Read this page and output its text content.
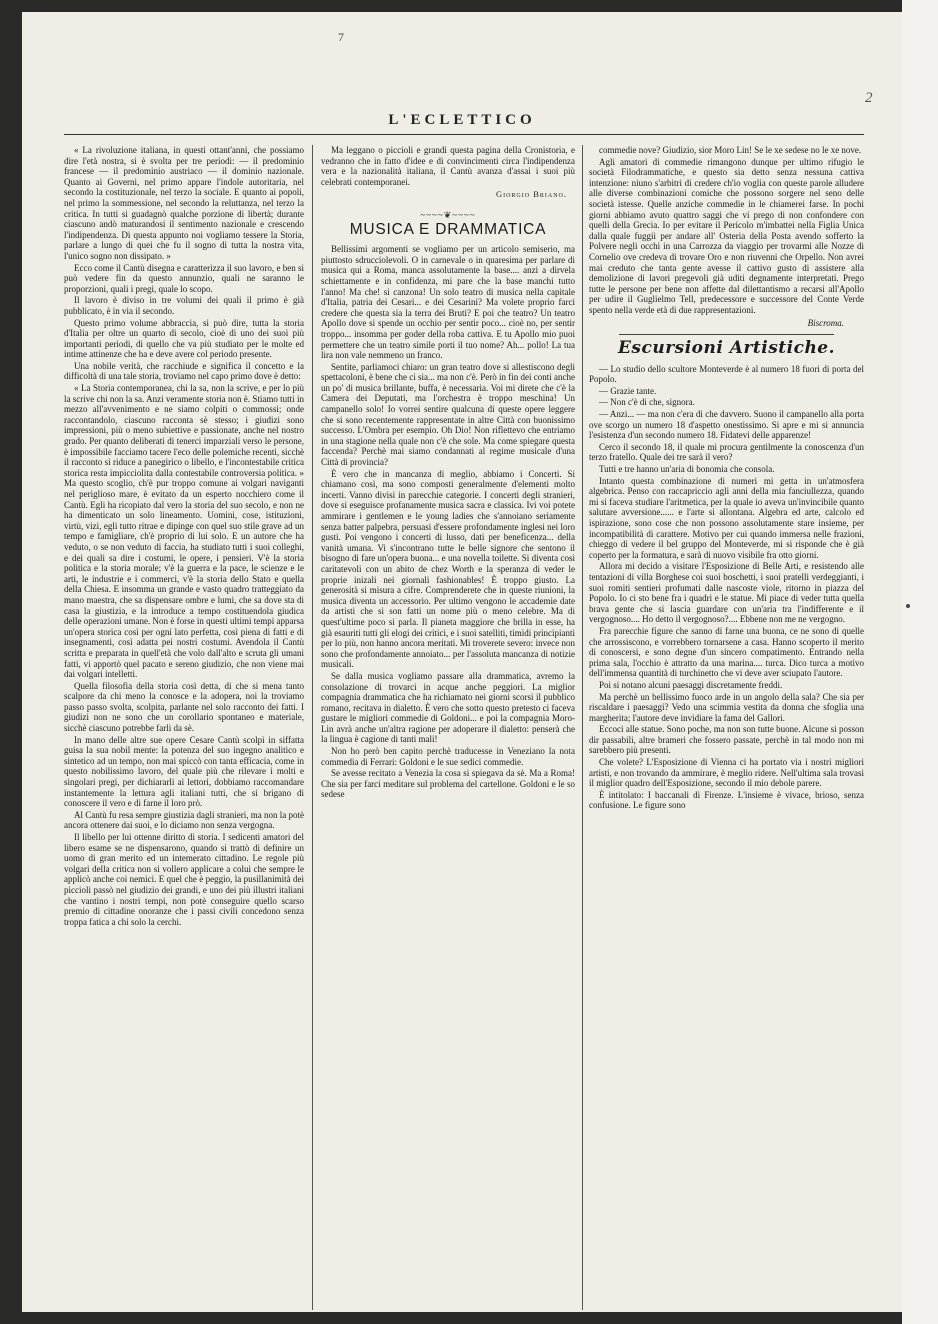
7
2
L'ECLETTICO

« La rivoluzione italiana, in questi ottant'anni, che possiamo dire l'età nostra, si è svolta per tre periodi: — il predominio francese — il predominio austriaco — il dominio nazionale. Quanto ai Governi, nel primo appare l'indole autoritaria, nel secondo la costituzionale, nel terzo la sociale. E quanto ai popoli, nel primo la sommessione, nel secondo la reluttanza, nel terzo la critica. In tutti si guadagnò qualche porzione di libertà; durante ciascuno andò maturandosi il sentimento nazionale e crescendo l'indipendenza. Di questa appunto noi vogliamo tessere la Storia, parlare a lungo di quei che fu il sogno di tutta la nostra vita, l'unico sogno non dissipato. »

Ecco come il Cantù disegna e caratterizza il suo lavoro, e ben si può vedere fin da questo annunzio, quali ne saranno le proporzioni, quali i pregi, quale lo scopo.

Il lavoro è diviso in tre volumi dei quali il primo è già pubblicato, è in via il secondo.

Questo primo volume abbraccia, si può dire, tutta la storia d'Italia per oltre un quarto di secolo, cioè di uno dei suoi più importanti periodi, di quello che va più studiato per le molte ed intime attinenze che ha e deve avere col periodo presente.

Una nobile verità, che racchiude e significa il concetto e la difficoltà di una tale storia, troviamo nel capo primo dove è detto:

« La Storia contemporanea, chi la sa, non la scrive, e per lo più la scrive chi non la sa. Anzi veramente storia non è. Stiamo tutti in mezzo all'avvenimento e ne siamo colpiti o commossi; onde raccontandolo, ciascuno racconta sè stesso; i giudizi sono impressioni, più o meno subiettive e passionate, anche nel nostro grado. Per quanto deliberati di tenerci imparziali verso le persone, è impossibile facciamo tacere l'eco delle polemiche recenti, sicchè il racconto si riduce a panegirico o libello, e l'incontestabile critica storica resta impicciolita dalla contestabile controversia politica. » Ma questo scoglio, ch'è pur troppo comune ai volgari naviganti nel periglioso mare, è evitato da un esperto nocchiero come il Cantù. Egli ha ricopiato dal vero la storia del suo secolo, e non ne ha dimenticato un solo lineamento. Uomini, cose, istituzioni, virtù, vizi, egli tutto ritrae e dipinge con quel suo stile grave ad un tempo e famigliare, ch'è proprio di lui solo. E un autore che ha veduto, o se non veduto di faccia, ha studiato tutti i suoi colleghi, e dei quali sa dire i costumi, le opere, i pensieri. V'è la storia politica e la storia morale; v'è la guerra e la pace, le scienze e le arti, le industrie e i commerci, v'è la storia dello Stato e quella della Chiesa. E insomma un grande e vasto quadro tratteggiato da mano maestra, che sa dispensare ombre e lumi, che sa dove sta di casa la giustizia, e la introduce a tempo costituendola giudica delle operazioni umane. Non è forse in questi ultimi tempi apparsa un'opera storica così per ogni lato perfetta, così piena di fatti e di insegnamenti, così adatta pei nostri costumi. Avendola il Cantù scritta e preparata in quell'età che volo dall'alto e scruta gli umani fatti, vi apportò quel pacato e sereno giudizio, che non viene mai dai volgari intelletti.

Quella filosofia della storia così detta, di che si mena tanto scalpore da chi meno la conosce e la adopera, noi la troviamo passo passo svolta, scolpita, parlante nel solo racconto dei fatti. I giudizi non ne sono che un corollario spontaneo e materiale, sicchè ciascuno potrebbe farli da sè.

In mano delle altre sue opere Cesare Cantù scolpì in siffatta guisa la sua nobil mente: la potenza del suo ingegno analitico e sintetico ad un tempo, non mai spiccò con tanta efficacia, come in questo nobilissimo lavoro, del quale più che rilevare i molti e singolari pregi, per dichiararli ai lettori, dobbiamo raccomandare instantemente la lettura agli italiani tutti, che si brigano di conoscere il vero e di farne il loro prò.

Al Cantù fu resa sempre giustizia dagli stranieri, ma non la potè ancora ottenere dai suoi, e lo diciamo non senza vergogna.

Il libello per lui ottenne diritto di storia. I sedicenti amatori del libero esame se ne dispensarono, quando si trattò di definire un uomo di gran merito ed un intemerato cittadino. Le regole più volgari della critica non si vollero applicare a colui che sempre le applicò anche coi nemici. E quel che è peggio, la pusillanimità dei piccioli passò nel giudizio dei grandi, e uno dei più illustri italiani che vantino i nostri tempi, non potè conseguire quello scarso premio di cittadine onoranze che i passi civili concedono senza troppa fatica a chi solo la cerchi.

Ma leggano o piccioli e grandi questa pagina della Cronistoria, e vedranno che in fatto d'idee e di convincimenti circa l'indipendenza vera e la nazionalità italiana, il Cantù avanza d'assai i suoi più celebrati contemporanei.

Giorgio Briano.
~~~~❦~~~~
MUSICA E DRAMMATICA

Bellissimi argomenti se vogliamo per un articolo semiserio, ma piuttosto sdrucciolevoli. O in carnevale o in quaresima per parlare di musica qui a Roma, manca assolutamente la base.... anzi a dirvela schiettamente e in confidenza, mi pare che la base manchi tutto l'anno! Ma che! si canzona! Un solo teatro di musica nella capitale d'Italia, patria dei Cesari... e dei Cesarini? Ma volete proprio farci credere che questa sia la terra dei Bruti? E poi che teatro? Un teatro Apollo dove si spende un occhio per sentir poco... cioè no, per sentir troppo... insomma per goder della roba cattiva. E tu Apollo mio puoi permettere che un teatro simile porti il tuo nome? Ah... pollo! La tua lira non vale nemmeno un franco.

Sentite, parliamoci chiaro: un gran teatro dove si allestiscono degli spettacoloni, è bene che ci sia... ma non c'è. Però in fin dei conti anche un po' di musica brillante, buffa, è necessaria. Voi mi direte che c'è la Camera dei Deputati, ma l'orchestra è troppo meschina! Un campanello solo! Io vorrei sentire qualcuna di queste opere leggere che si sono recentemente rappresentate in altre Città con buonissimo successo. L'Ombra per esempio. Oh Dio! Non riflettevo che entriamo in una stagione nella quale non c'è che sole. Ma come spiegare questa faccenda? Perchè mai siamo condannati al regime musicale d'una Città di provincia?

È vero che in mancanza di meglio, abbiamo i Concerti. Si chiamano così, ma sono composti generalmente d'elementi molto incerti. Vanno divisi in parecchie categorie. I concerti degli stranieri, dove si eseguisce profanamente musica sacra e classica. Ivi voi potete ammirare i gentlemen e le young ladies che s'annoiano seriamente senza batter palpebra, persuasi d'essere profondamente inglesi nei loro gusti. Poi vengono i concerti di lusso, dati per beneficenza... della vanità umana. Vi s'incontrano tutte le belle signore che sentono il bisogno di fare un'opera buona... e una novella toilette. Si diventa così caritatevoli con un abito de chez Worth e la speranza di veder le proprie inizali nei giornali fashionables! È troppo giusto. La generosità si misura a cifre. Comprenderete che in queste riunioni, la musica diventa un accessorio. Per ultimo vengono le accademie date da artisti che si son fatti un nome più o meno celebre. Ma di quest'ultime poco si parla. Il pianeta maggiore che brilla in esse, ha già esauriti tutti gli elogi dei critici, e i suoi satelliti, timidi principianti per lo più, non hanno ancora meritati. Mi troverete severo: invece non sono che profondamente annoiato... per l'assoluta mancanza di notizie musicali.

Se dalla musica vogliamo passare alla drammatica, avremo la consolazione di trovarci in acque anche peggiori. La miglior compagnia drammatica che ha richiamato nei giorni scorsi il pubblico romano, recitava in dialetto. È vero che sotto questo pretesto ci faceva gustare le migliori commedie di Goldoni... e poi la compagnia Moro-Lin avrà anche un'altra ragione per adoperare il dialetto: penserà che la lingua è cagione di tanti mali!

Non ho però ben capito perchè traducesse in Veneziano la nota commedia di Ferrari: Goldoni e le sue sedici commedie.

Se avesse recitato a Venezia la cosa si spiegava da sè. Ma a Roma! Che sia per farci meditare sul problema del cartellone. Goldoni e le so sedese

commedie nove? Giudizio, sior Moro Lin! Se le xe sedese no le xe nove.

Agli amatori di commedie rimangono dunque per ultimo rifugio le società Filodrammatiche, e questo sia detto senza nessuna cattiva intenzione: niuno s'arbitri di credere ch'io voglia con queste parole alludere alle diverse combinazioni comiche che possono sorgere nel seno delle società istesse. Quelle anziche commedie in le chiamerei farse. In pochi giorni abbiamo avuto quattro saggi che vi prego di non confondere con quelli della Grecia. Io per evitare il Pericolo m'imbattei nella Figlia Unica dalla quale fuggii per andare all' Osteria della Posta avendo sofferto la Polvere negli occhi in una Carrozza da viaggio per trovarmi alle Nozze di Cornelio ove credeva di trovare Oro e non riuvenni che Orpello. Non avrei mai creduto che tanta gente avesse il cattivo gusto di assistere alla demolizione di lavori pregevoli già uditi degnamente interpretati. Prego tutte le persone per bene non affette dal dilettantismo a recarsi all'Apollo per udire il Guglielmo Tell, predecessore e successore del Conte Verde spento nella verde età di due rappresentazioni.

Biscroma.
Escursioni Artistiche.

— Lo studio dello scultore Monteverde è al numero 18 fuori di porta del Popolo.

— Grazie tante.

— Non c'è di che, signora.

— Anzi... — ma non c'era di che davvero. Suono il campanello alla porta ove scorgo un numero 18 d'aspetto onestissimo. Si apre e mi si annuncia l'esistenza d'un secondo numero 18. Fidatevi delle apparenze!

Cerco il secondo 18, il quale mi procura gentilmente la conoscenza d'un terzo fratello. Quale dei tre sarà il vero?

Tutti e tre hanno un'aria di bonomia che consola.

Intanto questa combinazione di numeri mi getta in un'atmosfera algebrica. Penso con raccapriccio agli anni della mia fanciullezza, quando mi si faceva studiare l'aritmetica, per la quale io aveva un'invincibile quanto salutare avversione...... e l'arte si allontana. Algebra ed arte, calcolo ed ispirazione, sono cose che non possono assolutamente stare insieme, per incompatibilità di carattere. Motivo per cui quando immersa nelle frazioni, chieggo di vedere il bel gruppo del Monteverde, mi si risponde che è già coperto per la formatura, e sarà di nuovo visibile fra otto giorni.

Allora mi decido a visitare l'Esposizione di Belle Arti, e resistendo alle tentazioni di villa Borghese coi suoi boschetti, i suoi pratelli verdeggianti, i suoi romiti sentieri profumati dalle nascoste viole, ritorno in piazza del Popolo. Io ci sto bene fra i quadri e le statue. Mi piace di veder tutta quella brava gente che si lascia guardare con un'aria tra l'indifferente e il vergognoso.... Ho detto il vergognoso?.... Ebbene non me ne vergogno.

Fra parecchie figure che sanno di farne una buona, ce ne sono di quelle che arrossiscono, e vorrebbero tornarsene a casa. Hanno scoperto il merito di conoscersi, e sono degne d'un sincero compatimento. Entrando nella prima sala, l'occhio è attratto da una marina.... turca. Dico turca a motivo dell'immensa quantità di turchinetto che vi deve aver sciupato l'autore.

Poi si notano alcuni paesaggi discretamente freddi.

Ma perchè un bellissimo fuoco arde in un angolo della sala? Che sia per riscaldare i paesaggi? Vedo una scimmia vestita da donna che sfoglia una margherita; l'autore deve invidiare la fama del Gallori.

Eccoci alle statue. Sono poche, ma non son tutte buone. Alcune si posson dir passabili, altre brameri che fossero passate, perchè in tal modo non mi sarebbero più presenti.

Che volete? L'Esposizione di Vienna ci ha portato via i nostri migliori artisti, e non trovando da ammirare, è meglio ridere. Nell'ultima sala trovasi il miglior quadro dell'Esposizione, secondo il mio debole parere.

È intitolato: I baccanali di Firenze. L'insieme è vivace, brioso, senza confusione. Le figure sono
